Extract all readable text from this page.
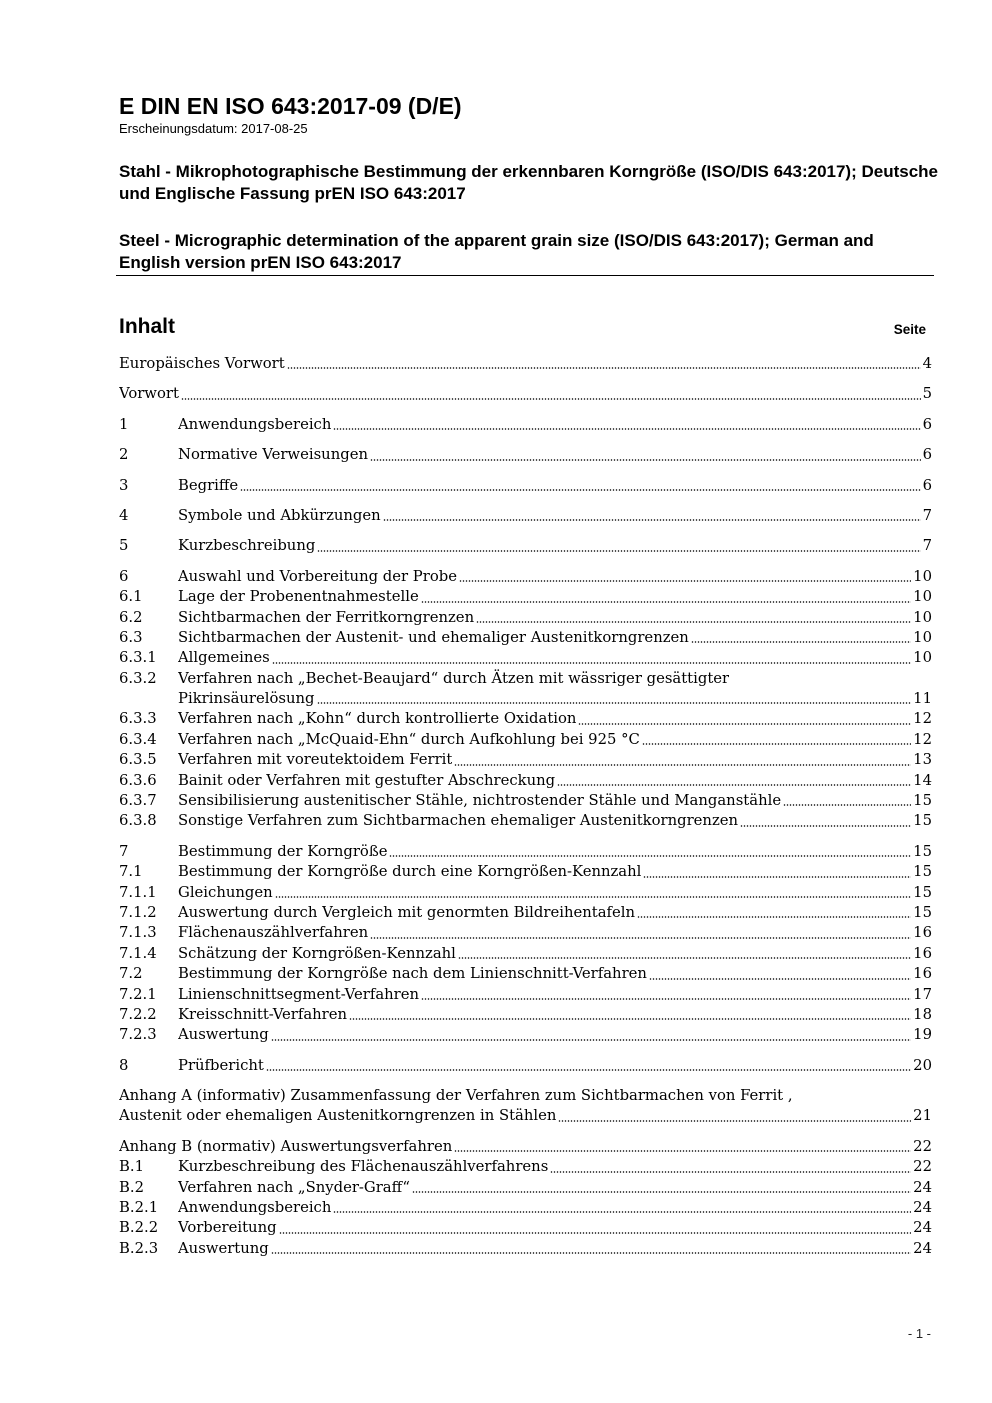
E DIN EN ISO 643:2017-09 (D/E)

Erscheinungsdatum: 2017-08-25

Stahl - Mikrophotographische Bestimmung der erkennbaren Korngröße (ISO/DIS 643:2017); Deutsche und Englische Fassung prEN ISO 643:2017

Steel - Micrographic determination of the apparent grain size (ISO/DIS 643:2017); German and English version prEN ISO 643:2017

Inhalt	Seite

Europäisches Vorwort	4
Vorwort	5
1	Anwendungsbereich	6
2	Normative Verweisungen	6
3	Begriffe	6
4	Symbole und Abkürzungen	7
5	Kurzbeschreibung	7
6	Auswahl und Vorbereitung der Probe	10
6.1	Lage der Probenentnahmestelle	10
6.2	Sichtbarmachen der Ferritkorngrenzen	10
6.3	Sichtbarmachen der Austenit- und ehemaliger Austenitkorngrenzen	10
6.3.1	Allgemeines	10
6.3.2	Verfahren nach „Bechet-Beaujard“ durch Ätzen mit wässriger gesättigter
Pikrinsäurelösung	11
6.3.3	Verfahren nach „Kohn“ durch kontrollierte Oxidation	12
6.3.4	Verfahren nach „McQuaid-Ehn“ durch Aufkohlung bei 925 °C	12
6.3.5	Verfahren mit voreutektoidem Ferrit	13
6.3.6	Bainit oder Verfahren mit gestufter Abschreckung	14
6.3.7	Sensibilisierung austenitischer Stähle, nichtrostender Stähle und Manganstähle	15
6.3.8	Sonstige Verfahren zum Sichtbarmachen ehemaliger Austenitkorngrenzen	15
7	Bestimmung der Korngröße	15
7.1	Bestimmung der Korngröße durch eine Korngrößen-Kennzahl	15
7.1.1	Gleichungen	15
7.1.2	Auswertung durch Vergleich mit genormten Bildreihentafeln	15
7.1.3	Flächenauszählverfahren	16
7.1.4	Schätzung der Korngrößen-Kennzahl	16
7.2	Bestimmung der Korngröße nach dem Linienschnitt-Verfahren	16
7.2.1	Linienschnittsegment-Verfahren	17
7.2.2	Kreisschnitt-Verfahren	18
7.2.3	Auswertung	19
8	Prüfbericht	20
Anhang A (informativ) Zusammenfassung der Verfahren zum Sichtbarmachen von Ferrit ,
Austenit oder ehemaligen Austenitkorngrenzen in Stählen	21
Anhang B (normativ) Auswertungsverfahren	22
B.1	Kurzbeschreibung des Flächenauszählverfahrens	22
B.2	Verfahren nach „Snyder-Graff“	24
B.2.1	Anwendungsbereich	24
B.2.2	Vorbereitung	24
B.2.3	Auswertung	24

- 1 -
